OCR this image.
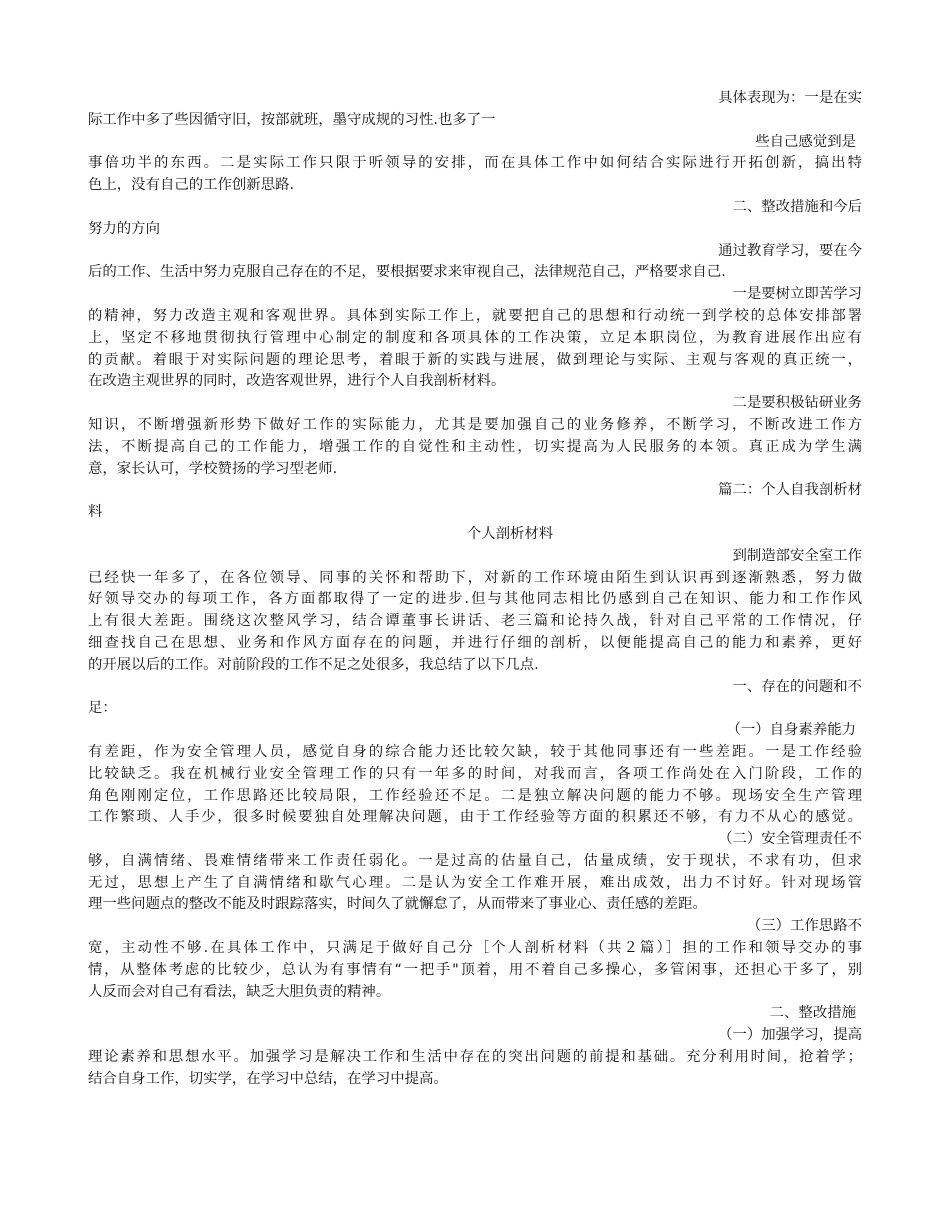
具体表现为：一是在实
际工作中多了些因循守旧，按部就班，墨守成规的习性.也多了一
些自己感觉到是
事倍功半的东西。二是实际工作只限于听领导的安排，而在具体工作中如何结合实际进行开拓创新，搞出特
色上，没有自己的工作创新思路.
二、整改措施和今后
努力的方向
通过教育学习，要在今
后的工作、生活中努力克服自己存在的不足，要根据要求来审视自己，法律规范自己，严格要求自己.
一是要树立即苦学习
的精神，努力改造主观和客观世界。具体到实际工作上，就要把自己的思想和行动统一到学校的总体安排部署
上，坚定不移地贯彻执行管理中心制定的制度和各项具体的工作决策，立足本职岗位，为教育进展作出应有
的贡献。着眼于对实际问题的理论思考，着眼于新的实践与进展，做到理论与实际、主观与客观的真正统一，
在改造主观世界的同时，改造客观世界，进行个人自我剖析材料。
二是要积极钻研业务
知识，不断增强新形势下做好工作的实际能力，尤其是要加强自己的业务修养，不断学习，不断改进工作方
法，不断提高自己的工作能力，增强工作的自觉性和主动性，切实提高为人民服务的本领。真正成为学生满
意，家长认可，学校赞扬的学习型老师.
篇二：个人自我剖析材
料
个人剖析材料
到制造部安全室工作
已经快一年多了，在各位领导、同事的关怀和帮助下，对新的工作环境由陌生到认识再到逐渐熟悉，努力做
好领导交办的每项工作，各方面都取得了一定的进步.但与其他同志相比仍感到自己在知识、能力和工作作风
上有很大差距。围绕这次整风学习，结合谭董事长讲话、老三篇和论持久战，针对自己平常的工作情况，仔
细查找自己在思想、业务和作风方面存在的问题，并进行仔细的剖析，以便能提高自己的能力和素养，更好
的开展以后的工作。对前阶段的工作不足之处很多，我总结了以下几点.
一、存在的问题和不
足：
（一）自身素养能力
有差距，作为安全管理人员，感觉自身的综合能力还比较欠缺，较于其他同事还有一些差距。一是工作经验
比较缺乏。我在机械行业安全管理工作的只有一年多的时间，对我而言，各项工作尚处在入门阶段，工作的
角色刚刚定位，工作思路还比较局限，工作经验还不足。二是独立解决问题的能力不够。现场安全生产管理
工作繁琐、人手少，很多时候要独自处理解决问题，由于工作经验等方面的积累还不够，有力不从心的感觉。
（二）安全管理责任不
够，自满情绪、畏难情绪带来工作责任弱化。一是过高的估量自己，估量成绩，安于现状，不求有功，但求
无过，思想上产生了自满情绪和歇气心理。二是认为安全工作难开展，难出成效，出力不讨好。针对现场管
理一些问题点的整改不能及时跟踪落实，时间久了就懈怠了，从而带来了事业心、责任感的差距。
（三）工作思路不
宽，主动性不够.在具体工作中，只满足于做好自己分［个人剖析材料（共２篇）］担的工作和领导交办的事
情，从整体考虑的比较少，总认为有事情有“一把手"顶着，用不着自己多操心，多管闲事，还担心干多了，别
人反而会对自己有看法，缺乏大胆负责的精神。
二、整改措施
（一）加强学习，提高
理论素养和思想水平。加强学习是解决工作和生活中存在的突出问题的前提和基础。充分利用时间，抢着学；
结合自身工作，切实学，在学习中总结，在学习中提高。
